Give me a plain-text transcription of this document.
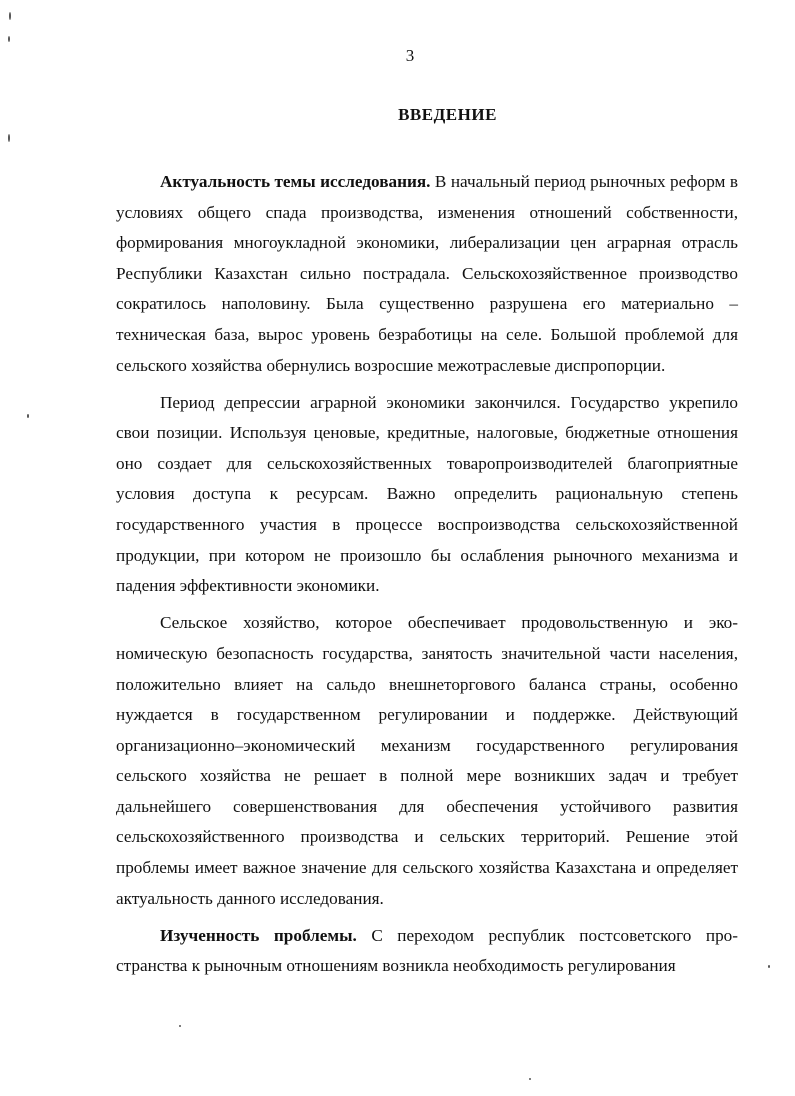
3
ВВЕДЕНИЕ

Актуальность темы исследования. В начальный период рыночных реформ в условиях общего спада производства, изменения отношений собственности, формирования многоукладной экономики, либерализации цен аграрная отрасль Республики Казахстан сильно пострадала. Сельскохозяйственное производство сократилось наполовину. Была существенно разрушена его материально – техническая база, вырос уровень безработицы на селе. Большой проблемой для сельского хозяйства обернулись возросшие межотраслевые диспропорции.

Период депрессии аграрной экономики закончился. Государство укрепило свои позиции. Используя ценовые, кредитные, налоговые, бюджетные отношения оно создает для сельскохозяйственных товаропроизводителей благоприятные условия доступа к ресурсам. Важно определить рациональную степень государственного участия в процессе воспроизводства сельскохозяйственной продукции, при котором не произошло бы ослабления рыночного механизма и падения эффективности экономики.

Сельское хозяйство, которое обеспечивает продовольственную и экономическую безопасность государства, занятость значительной части населения, положительно влияет на сальдо внешнеторгового баланса страны, особенно нуждается в государственном регулировании и поддержке. Действующий организационно–экономический механизм государственного регулирования сельского хозяйства не решает в полной мере возникших задач и требует дальнейшего совершенствования для обеспечения устойчивого развития сельскохозяйственного производства и сельских территорий. Решение этой проблемы имеет важное значение для сельского хозяйства Казахстана и определяет актуальность данного исследования.

Изученность проблемы. С переходом республик постсоветского пространства к рыночным отношениям возникла необходимость регулирования
